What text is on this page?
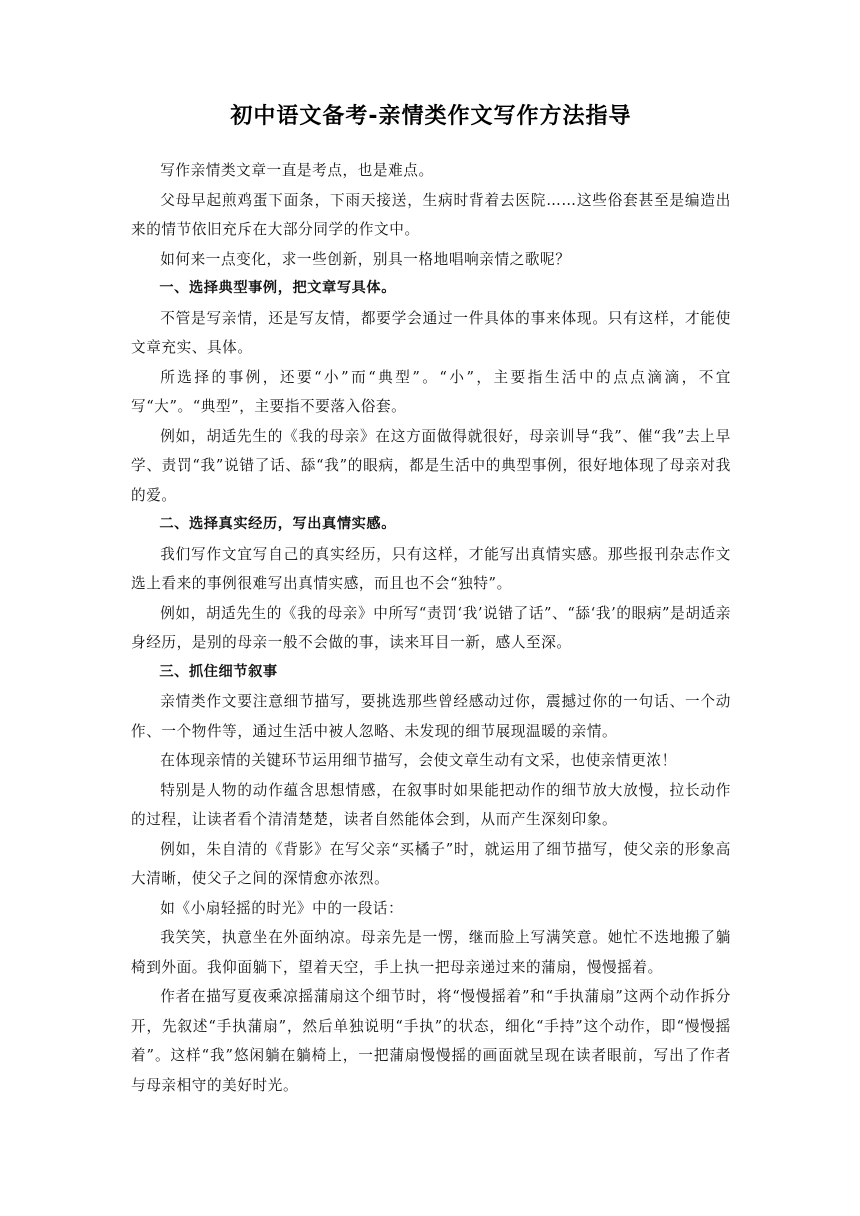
初中语文备考-亲情类作文写作方法指导

写作亲情类文章一直是考点，也是难点。

父母早起煎鸡蛋下面条，下雨天接送，生病时背着去医院……这些俗套甚至是编造出来的情节依旧充斥在大部分同学的作文中。

如何来一点变化，求一些创新，别具一格地唱响亲情之歌呢？

一、选择典型事例，把文章写具体。

不管是写亲情，还是写友情，都要学会通过一件具体的事来体现。只有这样，才能使文章充实、具体。

所选择的事例，还要“小”而“典型”。“小”，主要指生活中的点点滴滴，不宜写“大”。“典型”，主要指不要落入俗套。

例如，胡适先生的《我的母亲》在这方面做得就很好，母亲训导“我”、催“我”去上早学、责罚“我”说错了话、舔“我”的眼病，都是生活中的典型事例，很好地体现了母亲对我的爱。

二、选择真实经历，写出真情实感。

我们写作文宜写自己的真实经历，只有这样，才能写出真情实感。那些报刊杂志作文选上看来的事例很难写出真情实感，而且也不会“独特”。

例如，胡适先生的《我的母亲》中所写“责罚‘我’说错了话”、“舔‘我’的眼病”是胡适亲身经历，是别的母亲一般不会做的事，读来耳目一新，感人至深。

三、抓住细节叙事

亲情类作文要注意细节描写，要挑选那些曾经感动过你，震撼过你的一句话、一个动作、一个物件等，通过生活中被人忽略、未发现的细节展现温暖的亲情。

在体现亲情的关键环节运用细节描写，会使文章生动有文采，也使亲情更浓！

特别是人物的动作蕴含思想情感，在叙事时如果能把动作的细节放大放慢，拉长动作的过程，让读者看个清清楚楚，读者自然能体会到，从而产生深刻印象。

例如，朱自清的《背影》在写父亲“买橘子”时，就运用了细节描写，使父亲的形象高大清晰，使父子之间的深情愈亦浓烈。

如《小扇轻摇的时光》中的一段话：

我笑笑，执意坐在外面纳凉。母亲先是一愣，继而脸上写满笑意。她忙不迭地搬了躺椅到外面。我仰面躺下，望着天空，手上执一把母亲递过来的蒲扇，慢慢摇着。

作者在描写夏夜乘凉摇蒲扇这个细节时，将“慢慢摇着”和“手执蒲扇”这两个动作拆分开，先叙述“手执蒲扇”，然后单独说明“手执”的状态，细化“手持”这个动作，即“慢慢摇着”。这样“我”悠闲躺在躺椅上，一把蒲扇慢慢摇的画面就呈现在读者眼前，写出了作者与母亲相守的美好时光。
